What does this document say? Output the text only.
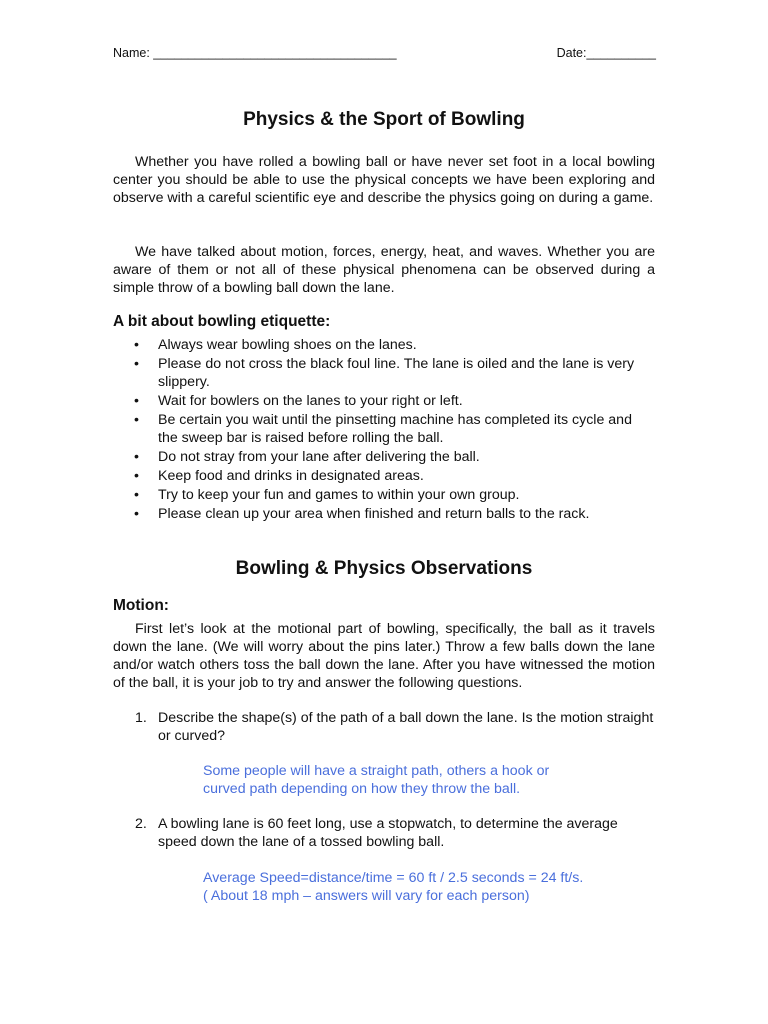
Name: ___________________________________	Date:__________
Physics & the Sport of Bowling

Whether you have rolled a bowling ball or have never set foot in a local bowling center you should be able to use the physical concepts we have been exploring and observe with a careful scientific eye and describe the physics going on during a game.

We have talked about motion, forces, energy, heat, and waves. Whether you are aware of them or not all of these physical phenomena can be observed during a simple throw of a bowling ball down the lane.

A bit about bowling etiquette:
• Always wear bowling shoes on the lanes.
• Please do not cross the black foul line. The lane is oiled and the lane is very slippery.
• Wait for bowlers on the lanes to your right or left.
• Be certain you wait until the pinsetting machine has completed its cycle and the sweep bar is raised before rolling the ball.
• Do not stray from your lane after delivering the ball.
• Keep food and drinks in designated areas.
• Try to keep your fun and games to within your own group.
• Please clean up your area when finished and return balls to the rack.
Bowling & Physics Observations
Motion:

First let’s look at the motional part of bowling, specifically, the ball as it travels down the lane. (We will worry about the pins later.) Throw a few balls down the lane and/or watch others toss the ball down the lane. After you have witnessed the motion of the ball, it is your job to try and answer the following questions.

1. Describe the shape(s) of the path of a ball down the lane. Is the motion straight or curved?
Some people will have a straight path, others a hook or
curved path depending on how they throw the ball.
2. A bowling lane is 60 feet long, use a stopwatch, to determine the average speed down the lane of a tossed bowling ball.
Average Speed=distance/time = 60 ft / 2.5 seconds = 24 ft/s.
( About 18 mph – answers will vary for each person)
